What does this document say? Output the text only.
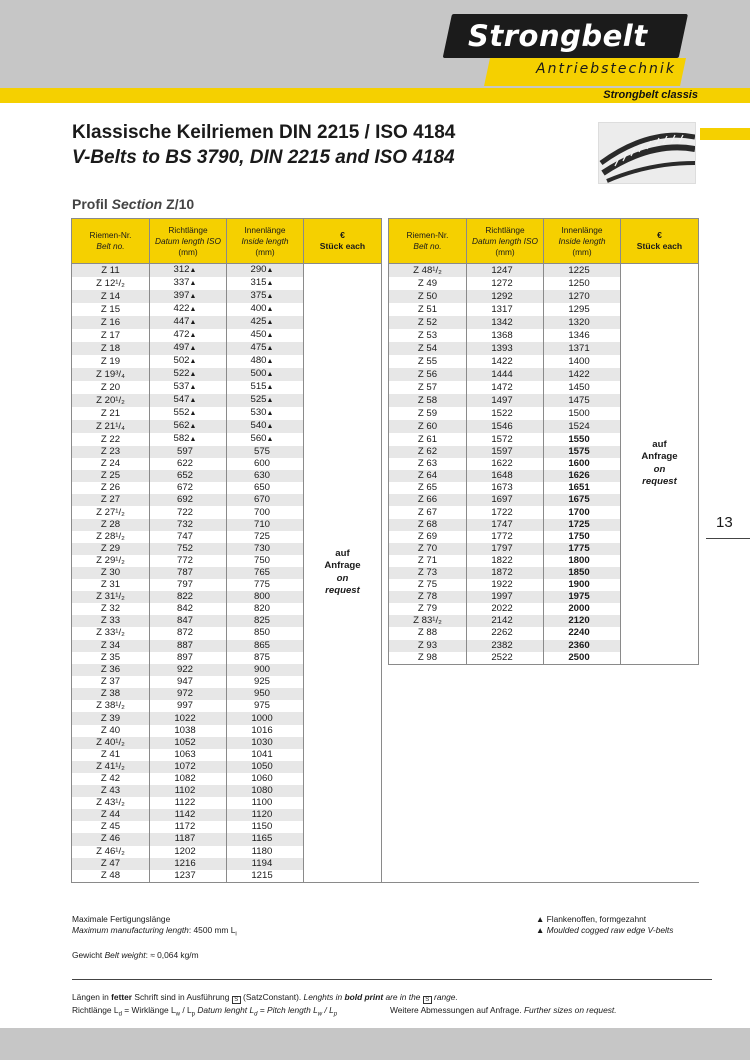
Strongbelt
Antriebstechnik
Strongbelt classis
Klassische Keilriemen DIN 2215 / ISO 4184
V-Belts to BS 3790, DIN 2215 and ISO 4184
Profil Section Z/10
Riemen-Nr.
Belt no.	Richtlänge
Datum length ISO
(mm)	Innenlänge
Inside length
(mm)	€
Stück each		Riemen-Nr.
Belt no.	Richtlänge
Datum length ISO
(mm)	Innenlänge
Inside length
(mm)	€
Stück each
Z 11	312▲	290▲	auf
Anfrage
on
request		Z 48¹/₂	1247	1225	auf
Anfrage
on
request
Z 12¹/₂	337▲	315▲			Z 49	1272	1250	
Z 14	397▲	375▲			Z 50	1292	1270	
Z 15	422▲	400▲			Z 51	1317	1295	
Z 16	447▲	425▲			Z 52	1342	1320	
Z 17	472▲	450▲			Z 53	1368	1346	
Z 18	497▲	475▲			Z 54	1393	1371	
Z 19	502▲	480▲			Z 55	1422	1400	
Z 19³/₄	522▲	500▲			Z 56	1444	1422	
Z 20	537▲	515▲			Z 57	1472	1450	
Z 20¹/₂	547▲	525▲			Z 58	1497	1475	
Z 21	552▲	530▲			Z 59	1522	1500	
Z 21¹/₄	562▲	540▲			Z 60	1546	1524	
Z 22	582▲	560▲			Z 61	1572	1550	
Z 23	597	575			Z 62	1597	1575	
Z 24	622	600			Z 63	1622	1600	
Z 25	652	630			Z 64	1648	1626	
Z 26	672	650			Z 65	1673	1651	
Z 27	692	670			Z 66	1697	1675	
Z 27¹/₂	722	700			Z 67	1722	1700	
Z 28	732	710			Z 68	1747	1725	
Z 28¹/₂	747	725			Z 69	1772	1750	
Z 29	752	730			Z 70	1797	1775	
Z 29¹/₂	772	750			Z 71	1822	1800	
Z 30	787	765			Z 73	1872	1850	
Z 31	797	775			Z 75	1922	1900	
Z 31¹/₂	822	800			Z 78	1997	1975	
Z 32	842	820			Z 79	2022	2000	
Z 33	847	825			Z 83¹/₂	2142	2120	
Z 33¹/₂	872	850			Z 88	2262	2240	
Z 34	887	865			Z 93	2382	2360	
Z 35	897	875			Z 98	2522	2500	
Z 36	922	900						
Z 37	947	925						
Z 38	972	950						
Z 38¹/₂	997	975						
Z 39	1022	1000						
Z 40	1038	1016						
Z 40¹/₂	1052	1030						
Z 41	1063	1041						
Z 41¹/₂	1072	1050						
Z 42	1082	1060						
Z 43	1102	1080						
Z 43¹/₂	1122	1100						
Z 44	1142	1120						
Z 45	1172	1150						
Z 46	1187	1165						
Z 46¹/₂	1202	1180						
Z 47	1216	1194						
Z 48	1237	1215						
13
Maximale Fertigungslänge
Maximum manufacturing length: 4500 mm $L_i$
▲ Flankenoffen, formgezahnt
▲ Moulded cogged raw edge V-belts
Gewicht Belt weight: ≈ 0,064 kg/m
Längen in fetter Schrift sind in Ausführung S (SatzConstant). Lenghts in bold print are in the S range.
Richtlänge $L_d$ = Wirklänge $L_w / L_p$ Datum lenght $L_d$ = Pitch length $L_w / L_p$	Weitere Abmessungen auf Anfrage. Further sizes on request.
